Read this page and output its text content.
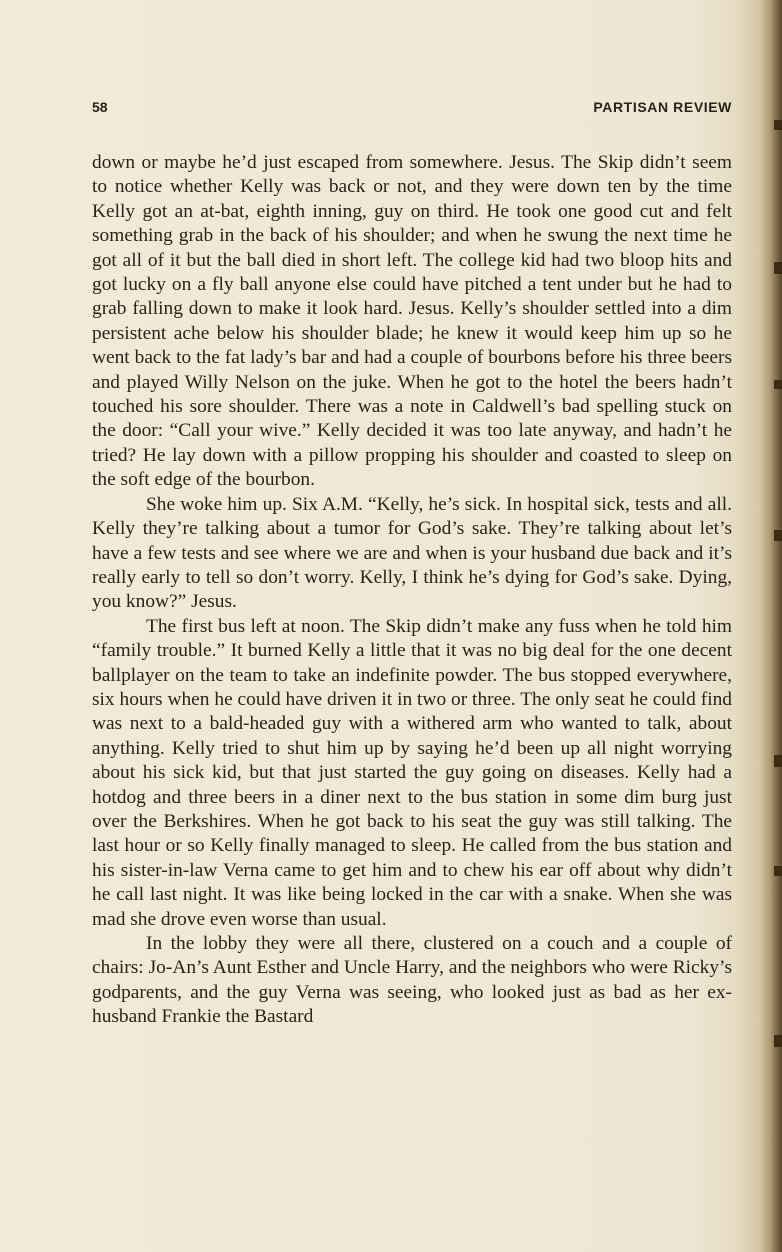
58	PARTISAN REVIEW

down or maybe he’d just escaped from somewhere. Jesus. The Skip didn’t seem to notice whether Kelly was back or not, and they were down ten by the time Kelly got an at-bat, eighth inning, guy on third. He took one good cut and felt something grab in the back of his shoulder; and when he swung the next time he got all of it but the ball died in short left. The college kid had two bloop hits and got lucky on a fly ball anyone else could have pitched a tent under but he had to grab falling down to make it look hard. Jesus. Kelly’s shoulder settled into a dim persistent ache below his shoulder blade; he knew it would keep him up so he went back to the fat lady’s bar and had a couple of bourbons before his three beers and played Willy Nelson on the juke. When he got to the hotel the beers hadn’t touched his sore shoulder. There was a note in Caldwell’s bad spelling stuck on the door: “Call your wive.” Kelly decided it was too late anyway, and hadn’t he tried? He lay down with a pillow propping his shoulder and coasted to sleep on the soft edge of the bourbon.

She woke him up. Six A.M. “Kelly, he’s sick. In hospital sick, tests and all. Kelly they’re talking about a tumor for God’s sake. They’re talking about let’s have a few tests and see where we are and when is your husband due back and it’s really early to tell so don’t worry. Kelly, I think he’s dying for God’s sake. Dying, you know?” Jesus.

The first bus left at noon. The Skip didn’t make any fuss when he told him “family trouble.” It burned Kelly a little that it was no big deal for the one decent ballplayer on the team to take an indefinite powder. The bus stopped everywhere, six hours when he could have driven it in two or three. The only seat he could find was next to a bald-headed guy with a withered arm who wanted to talk, about anything. Kelly tried to shut him up by saying he’d been up all night worrying about his sick kid, but that just started the guy going on diseases. Kelly had a hotdog and three beers in a diner next to the bus station in some dim burg just over the Berkshires. When he got back to his seat the guy was still talking. The last hour or so Kelly finally managed to sleep. He called from the bus station and his sister-in-law Verna came to get him and to chew his ear off about why didn’t he call last night. It was like being locked in the car with a snake. When she was mad she drove even worse than usual.

In the lobby they were all there, clustered on a couch and a couple of chairs: Jo-An’s Aunt Esther and Uncle Harry, and the neighbors who were Ricky’s godparents, and the guy Verna was seeing, who looked just as bad as her ex-husband Frankie the Bastard
